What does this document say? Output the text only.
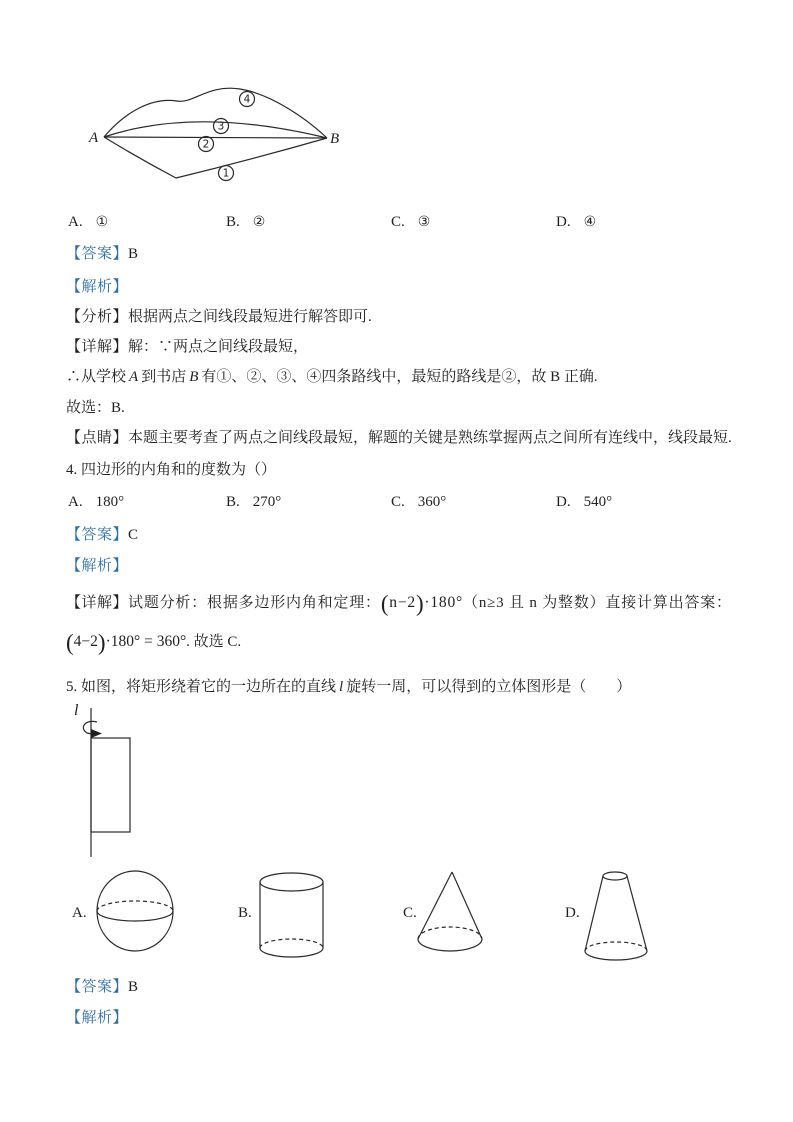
4
3
2
1
A	B
A. ①	B. ②	C. ③	D. ④
【答案】B
【解析】
【分析】根据两点之间线段最短进行解答即可.
【详解】解：∵两点之间线段最短，
∴从学校 A 到书店 B 有①、②、③、④四条路线中，最短的路线是②，故 B 正确.
故选：B.
【点睛】本题主要考查了两点之间线段最短，解题的关键是熟练掌握两点之间所有连线中，线段最短.
4. 四边形的内角和的度数为（）
A. 180°	B. 270°	C. 360°	D. 540°
【答案】C
【解析】
【详解】试题分析：根据多边形内角和定理：(n−2)·180°（n≥3 且 n 为整数）直接计算出答案：
(4−2)·180° = 360°. 故选 C.
5. 如图，将矩形绕着它的一边所在的直线 l 旋转一周，可以得到的立体图形是（　　）
l
A.	B.	C.	D.
【答案】B
【解析】
